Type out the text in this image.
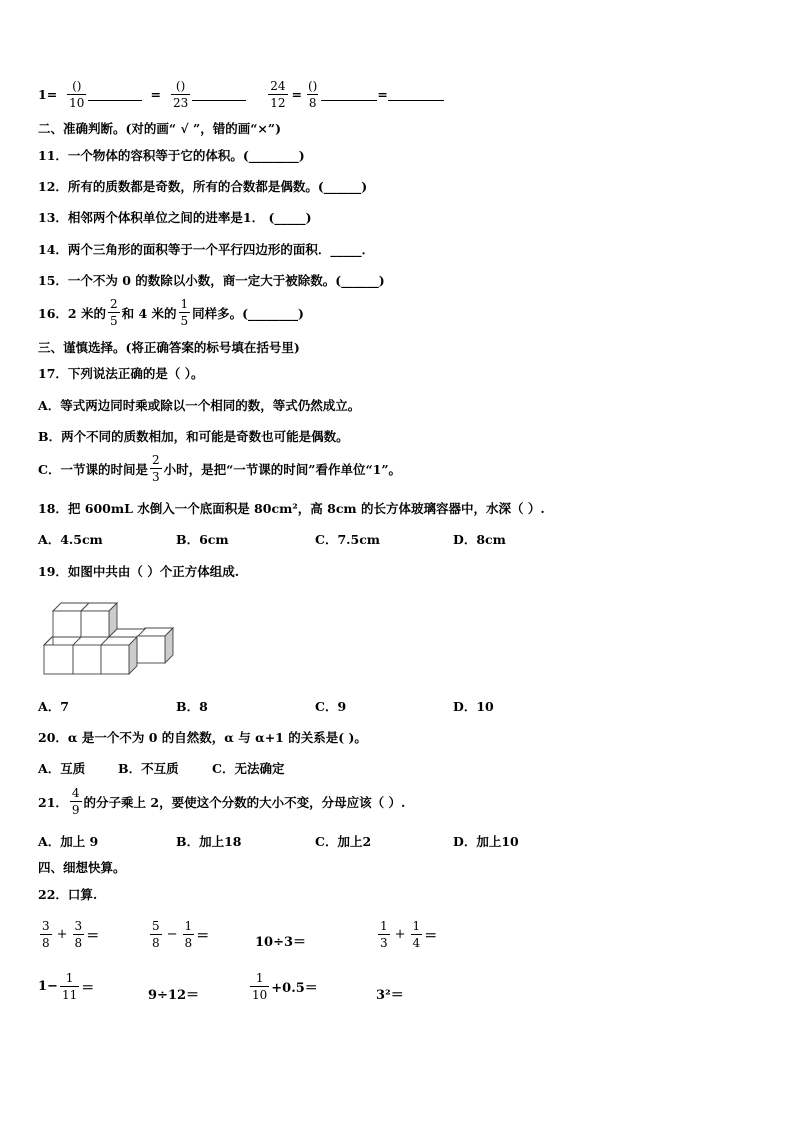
$1= \frac{()}{10}$	= $\frac{()}{23}$	$\frac{24}{12} = \frac{()}{8}$	=
二、准确判断。(对的画“ √ ”，错的画“×”)
11．一个物体的容积等于它的体积。(________)
12．所有的质数都是奇数，所有的合数都是偶数。(______)
13．相邻两个体积单位之间的进率是1． (_____)
14．两个三角形的面积等于一个平行四边形的面积．_____．
15．一个不为 0 的数除以小数，商一定大于被除数。(______)
16．2 米的 $\frac{2}{5}$ 和 4 米的 $\frac{1}{5}$ 同样多。(________)
三、谨慎选择。(将正确答案的标号填在括号里)
17．下列说法正确的是（ ）。
A．等式两边同时乘或除以一个相同的数，等式仍然成立。
B．两个不同的质数相加，和可能是奇数也可能是偶数。
C．一节课的时间是 $\frac{2}{3}$ 小时，是把“一节课的时间”看作单位“1”。
18．把 600mL 水倒入一个底面积是 80cm²，高 8cm 的长方体玻璃容器中，水深（ ）.
A．4.5cm	B．6cm	C．7.5cm	D．8cm
19．如图中共由（ ）个正方体组成.
A．7	B．8	C．9	D．10
20．α 是一个不为 0 的自然数，α 与 α+1 的关系是( )。
A．互质	B．不互质	C．无法确定
21． $\frac{4}{9}$ 的分子乘上 2，要使这个分数的大小不变，分母应该（ ）.
A．加上 9	B．加上18	C．加上2	D．加上10
四、细想快算。
22．口算.
$\frac{3}{8} + \frac{3}{8}$ ＝	$\frac{5}{8} - \frac{1}{8}$ ＝	10÷3＝	$\frac{1}{3} + \frac{1}{4}$ ＝
$1- \frac{1}{11}$ ＝	9÷12＝	$\frac{1}{10} +0.5=$	3²＝
